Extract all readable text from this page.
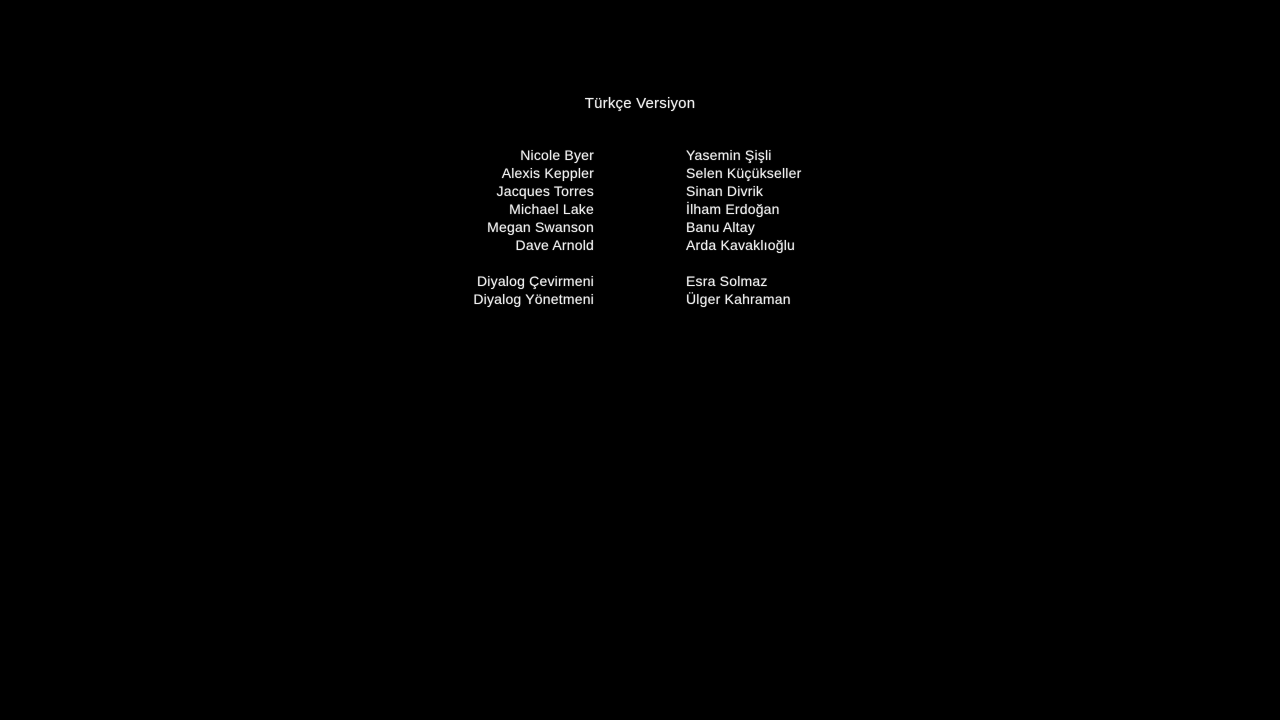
Türkçe Versiyon
Nicole Byer
Alexis Keppler
Jacques Torres
Michael Lake
Megan Swanson
Dave Arnold
Diyalog Çevirmeni
Diyalog Yönetmeni
Yasemin Şişli
Selen Küçükseller
Sinan Divrik
İlham Erdoğan
Banu Altay
Arda Kavaklıoğlu
Esra Solmaz
Ülger Kahraman
